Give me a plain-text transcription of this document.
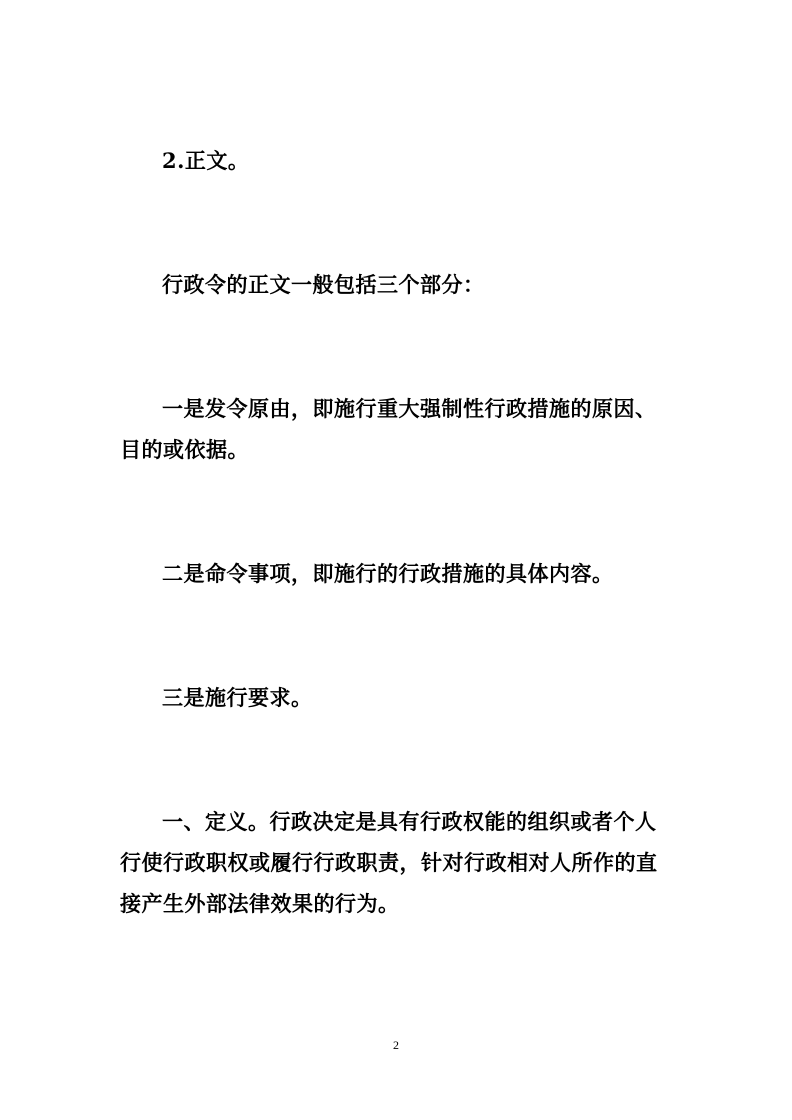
2.正文。

行政令的正文一般包括三个部分：

一是发令原由，即施行重大强制性行政措施的原因、目的或依据。

二是命令事项，即施行的行政措施的具体内容。

三是施行要求。

一、定义。行政决定是具有行政权能的组织或者个人行使行政职权或履行行政职责，针对行政相对人所作的直接产生外部法律效果的行为。

2
